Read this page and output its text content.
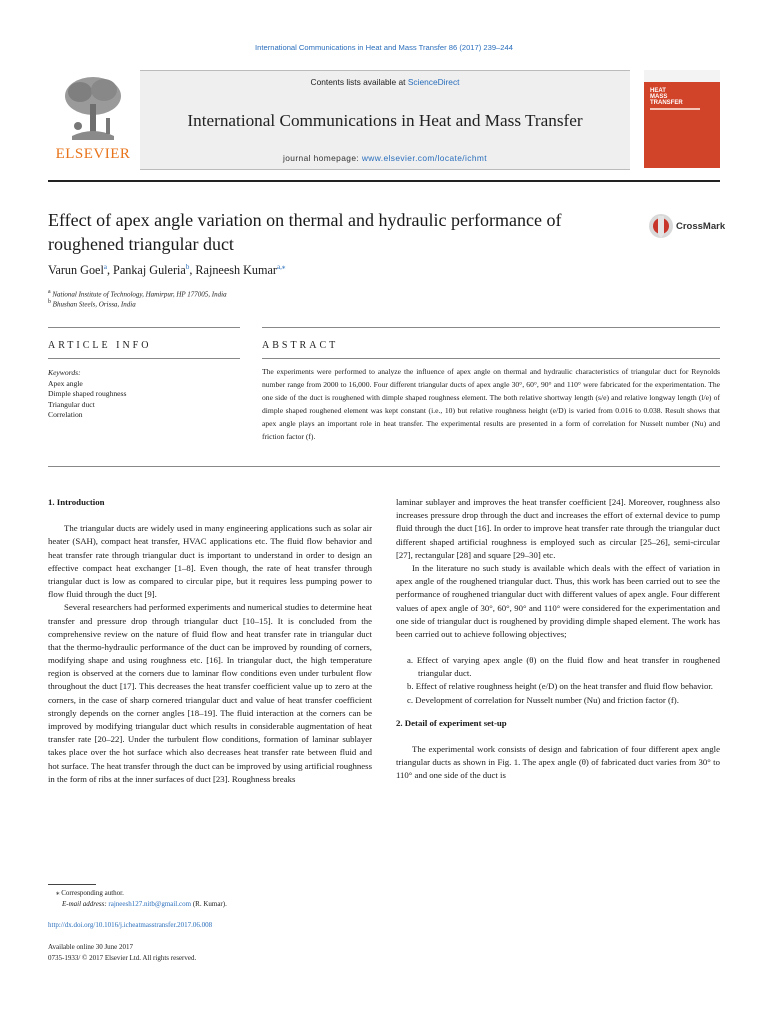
International Communications in Heat and Mass Transfer 86 (2017) 239–244
ELSEVIER
Contents lists available at ScienceDirect
International Communications in Heat and Mass Transfer
journal homepage: www.elsevier.com/locate/ichmt
HEAT
MASS
TRANSFER
Effect of apex angle variation on thermal and hydraulic performance of
roughened triangular duct
CrossMark
Varun Goel$^a$, Pankaj Guleria$^b$, Rajneesh Kumar$^{a,⁎}$
$^a$ National Institute of Technology, Hamirpur, HP 177005, India
$^b$ Bhushan Steels, Orissa, India
ARTICLE INFO	ABSTRACT
Keywords:
Apex angle
Dimple shaped roughness
Triangular duct
Correlation
The experiments were performed to analyze the influence of apex angle on thermal and hydraulic characteristics of triangular duct for Reynolds number range from 2000 to 16,000. Four different triangular ducts of apex angle 30°, 60°, 90° and 110° were fabricated for the experimentation. The one side of the duct is roughened with dimple shaped roughness element. The both relative shortway length (s/e) and relative longway length (l/e) of dimple shaped roughened element was kept constant (i.e., 10) but relative roughness height (e/D) is varied from 0.016 to 0.038. Result shows that apex angle plays an important role in heat transfer. The experimental results are presented in a form of correlation for Nusselt number (Nu) and friction factor (f).

1. Introduction

The triangular ducts are widely used in many engineering applications such as solar air heater (SAH), compact heat transfer, HVAC applications etc. The fluid flow behavior and heat transfer rate through triangular duct is important to understand in order to design an effective compact heat exchanger [1–8]. Even though, the rate of heat transfer through triangular duct is low as compared to circular pipe, but it requires less pumping power to flow fluid through the duct [9].

Several researchers had performed experiments and numerical studies to determine heat transfer and pressure drop through triangular duct [10–15]. It is concluded from the comprehensive review on the nature of fluid flow and heat transfer rate in triangular duct that the thermo-hydraulic performance of the duct can be improved by rounding of corners, modifying shape and using roughness etc. [16]. In triangular duct, the high temperature region is observed at the corners due to laminar flow conditions even under turbulent flow throughout the duct [17]. This decreases the heat transfer coefficient value up to zero at the corners, in the case of sharp cornered triangular duct and value of heat transfer coefficient strongly depends on the corner angles [18–19]. The fluid interaction at the corners can be improved by modifying triangular duct which results in considerable augmentation of heat transfer rate [20–22]. Under the turbulent flow conditions, formation of laminar sublayer takes place over the hot surface which also decreases heat transfer rate between fluid and hot surface. The heat transfer through the duct can be improved by using artificial roughness in the form of ribs at the inner surfaces of duct [23]. Roughness breaks

laminar sublayer and improves the heat transfer coefficient [24]. Moreover, roughness also increases pressure drop through the duct and increases the effort of external device to pump fluid through the duct [16]. In order to improve heat transfer rate through the triangular duct different shaped artificial roughness is employed such as circular [25–26], semi-circular [27], rectangular [28] and square [29–30] etc.

In the literature no such study is available which deals with the effect of variation in apex angle of the roughened triangular duct. Thus, this work has been carried out to see the performance of roughened triangular duct with different values of apex angle. Four different values of apex angle of 30°, 60°, 90° and 110° were considered for the experimentation and one side of triangular duct is roughened by providing dimple shaped element. The work has been carried out to achieve following objectives;

a. Effect of varying apex angle (θ) on the fluid flow and heat transfer in roughened triangular duct.

b. Effect of relative roughness height (e/D) on the heat transfer and fluid flow behavior.

c. Development of correlation for Nusselt number (Nu) and friction factor (f).

2. Detail of experiment set-up

The experimental work consists of design and fabrication of four different apex angle triangular ducts as shown in Fig. 1. The apex angle (θ) of fabricated duct varies from 30° to 110° and one side of the duct is

⁎ Corresponding author.
E-mail address: rajneesh127.nitb@gmail.com (R. Kumar).
http://dx.doi.org/10.1016/j.icheatmasstransfer.2017.06.008
Available online 30 June 2017
0735-1933/ © 2017 Elsevier Ltd. All rights reserved.
